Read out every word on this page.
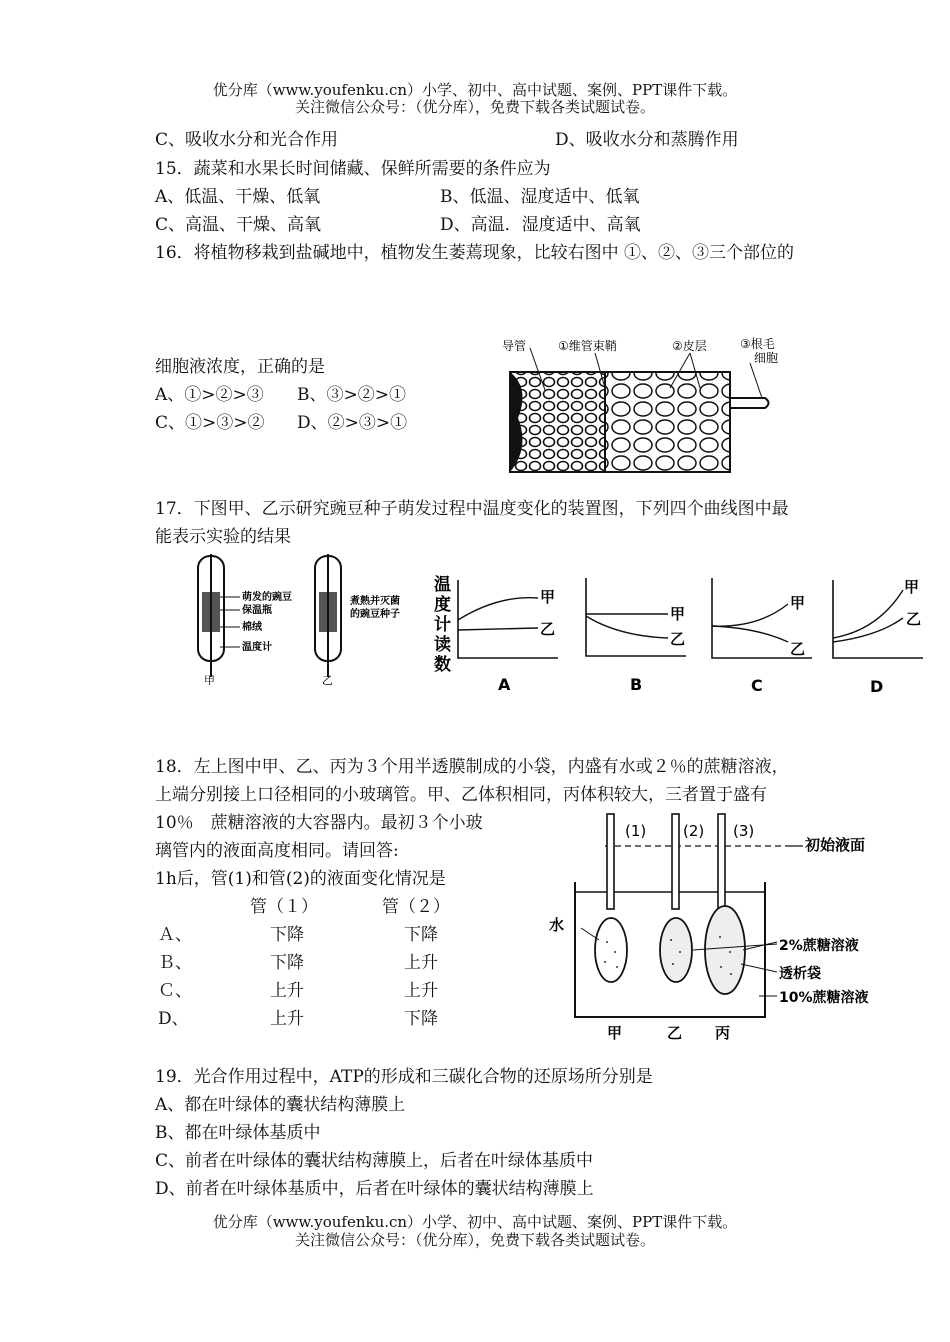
优分库（www.youfenku.cn）小学、初中、高中试题、案例、PPT课件下载。
关注微信公众号：（优分库），免费下载各类试题试卷。
C、吸收水分和光合作用	D、吸收水分和蒸腾作用
15．蔬菜和水果长时间储藏、保鲜所需要的条件应为
A、低温、干燥、低氧	B、低温、湿度适中、低氧
C、高温、干燥、高氧	D、高温．湿度适中、高氧
16．将植物移栽到盐碱地中，植物发生萎蔫现象，比较右图中 ①、②、③三个部位的
细胞液浓度，正确的是
A、①>②>③ B、③>②>①
C、①>③>② D、②>③>①
导管	①维管束鞘	②皮层	③根毛
细胞
17．下图甲、乙示研究豌豆种子萌发过程中温度变化的装置图，下列四个曲线图中最
能表示实验的结果
萌发的豌豆
保温瓶
棉绒
温度计
煮熟并灭菌
的豌豆种子
甲	乙
温
度
计
读
数
甲
乙
A
甲
乙
B
甲
乙
C
甲
乙
D
18．左上图中甲、乙、丙为３个用半透膜制成的小袋，内盛有水或２％的蔗糖溶液，
上端分别接上口径相同的小玻璃管。甲、乙体积相同，丙体积较大，三者置于盛有
10％　蔗糖溶液的大容器内。最初３个小玻
璃管内的液面高度相同。请回答:
1h后，管(1)和管(2)的液面变化情况是
管（１）	管（２）
Ａ、	下降	下降
Ｂ、	下降	上升
Ｃ、	上升	上升
D、	上升	下降
(1) (2) (3)
初始液面
水
2%蔗糖溶液
透析袋
10%蔗糖溶液
甲	乙 丙
19．光合作用过程中，ATP的形成和三碳化合物的还原场所分别是
A、都在叶绿体的囊状结构薄膜上
B、都在叶绿体基质中
C、前者在叶绿体的囊状结构薄膜上，后者在叶绿体基质中
D、前者在叶绿体基质中，后者在叶绿体的囊状结构薄膜上
优分库（www.youfenku.cn）小学、初中、高中试题、案例、PPT课件下载。
关注微信公众号：（优分库），免费下载各类试题试卷。
